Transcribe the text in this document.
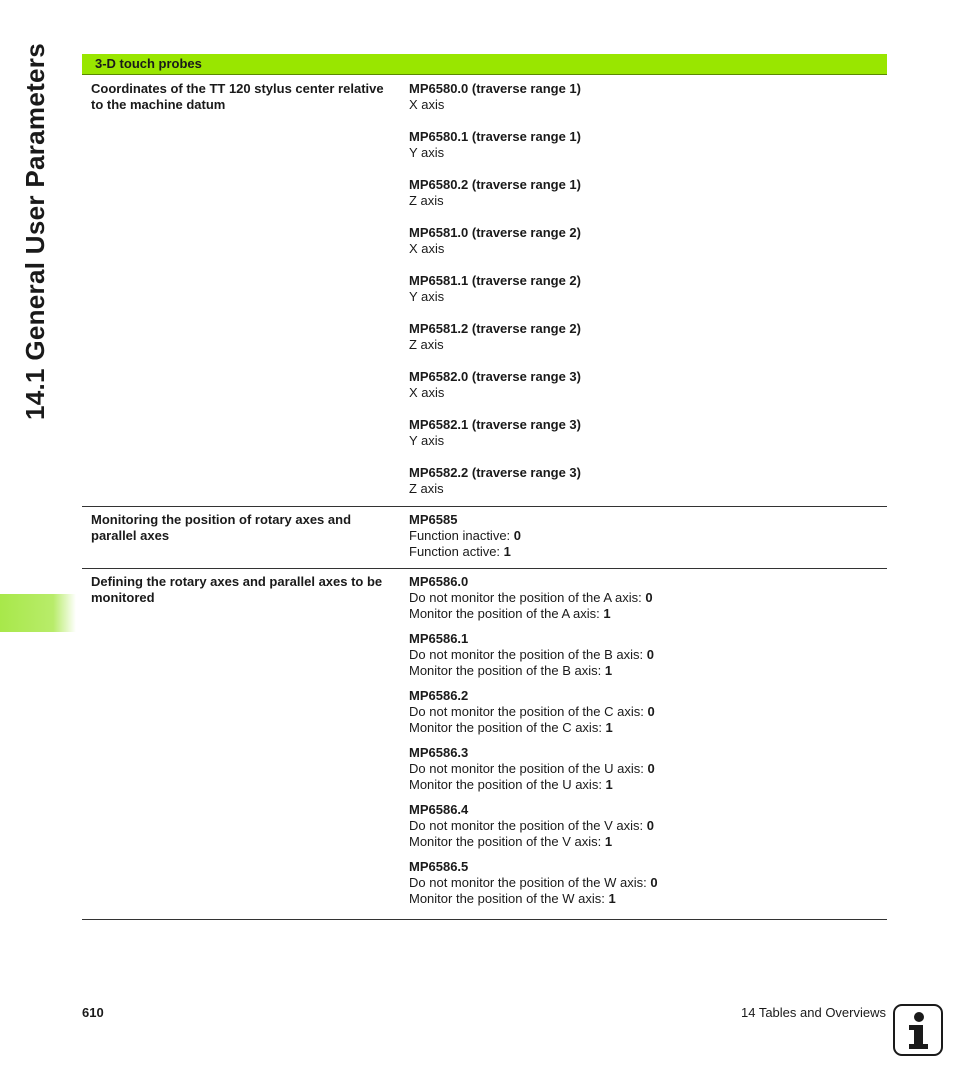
14.1 General User Parameters	3-D touch probes
Coordinates of the TT 120 stylus center relative to the machine datum
MP6580.0 (traverse range 1)
X axis
MP6580.1 (traverse range 1)
Y axis
MP6580.2 (traverse range 1)
Z axis
MP6581.0 (traverse range 2)
X axis
MP6581.1 (traverse range 2)
Y axis
MP6581.2 (traverse range 2)
Z axis
MP6582.0 (traverse range 3)
X axis
MP6582.1 (traverse range 3)
Y axis
MP6582.2 (traverse range 3)
Z axis
Monitoring the position of rotary axes and parallel axes
MP6585
Function inactive: 0
Function active: 1
Defining the rotary axes and parallel axes to be monitored
MP6586.0
Do not monitor the position of the A axis: 0
Monitor the position of the A axis: 1
MP6586.1
Do not monitor the position of the B axis: 0
Monitor the position of the B axis: 1
MP6586.2
Do not monitor the position of the C axis: 0
Monitor the position of the C axis: 1
MP6586.3
Do not monitor the position of the U axis: 0
Monitor the position of the U axis: 1
MP6586.4
Do not monitor the position of the V axis: 0
Monitor the position of the V axis: 1
MP6586.5
Do not monitor the position of the W axis: 0
Monitor the position of the W axis: 1
610	14 Tables and Overviews
